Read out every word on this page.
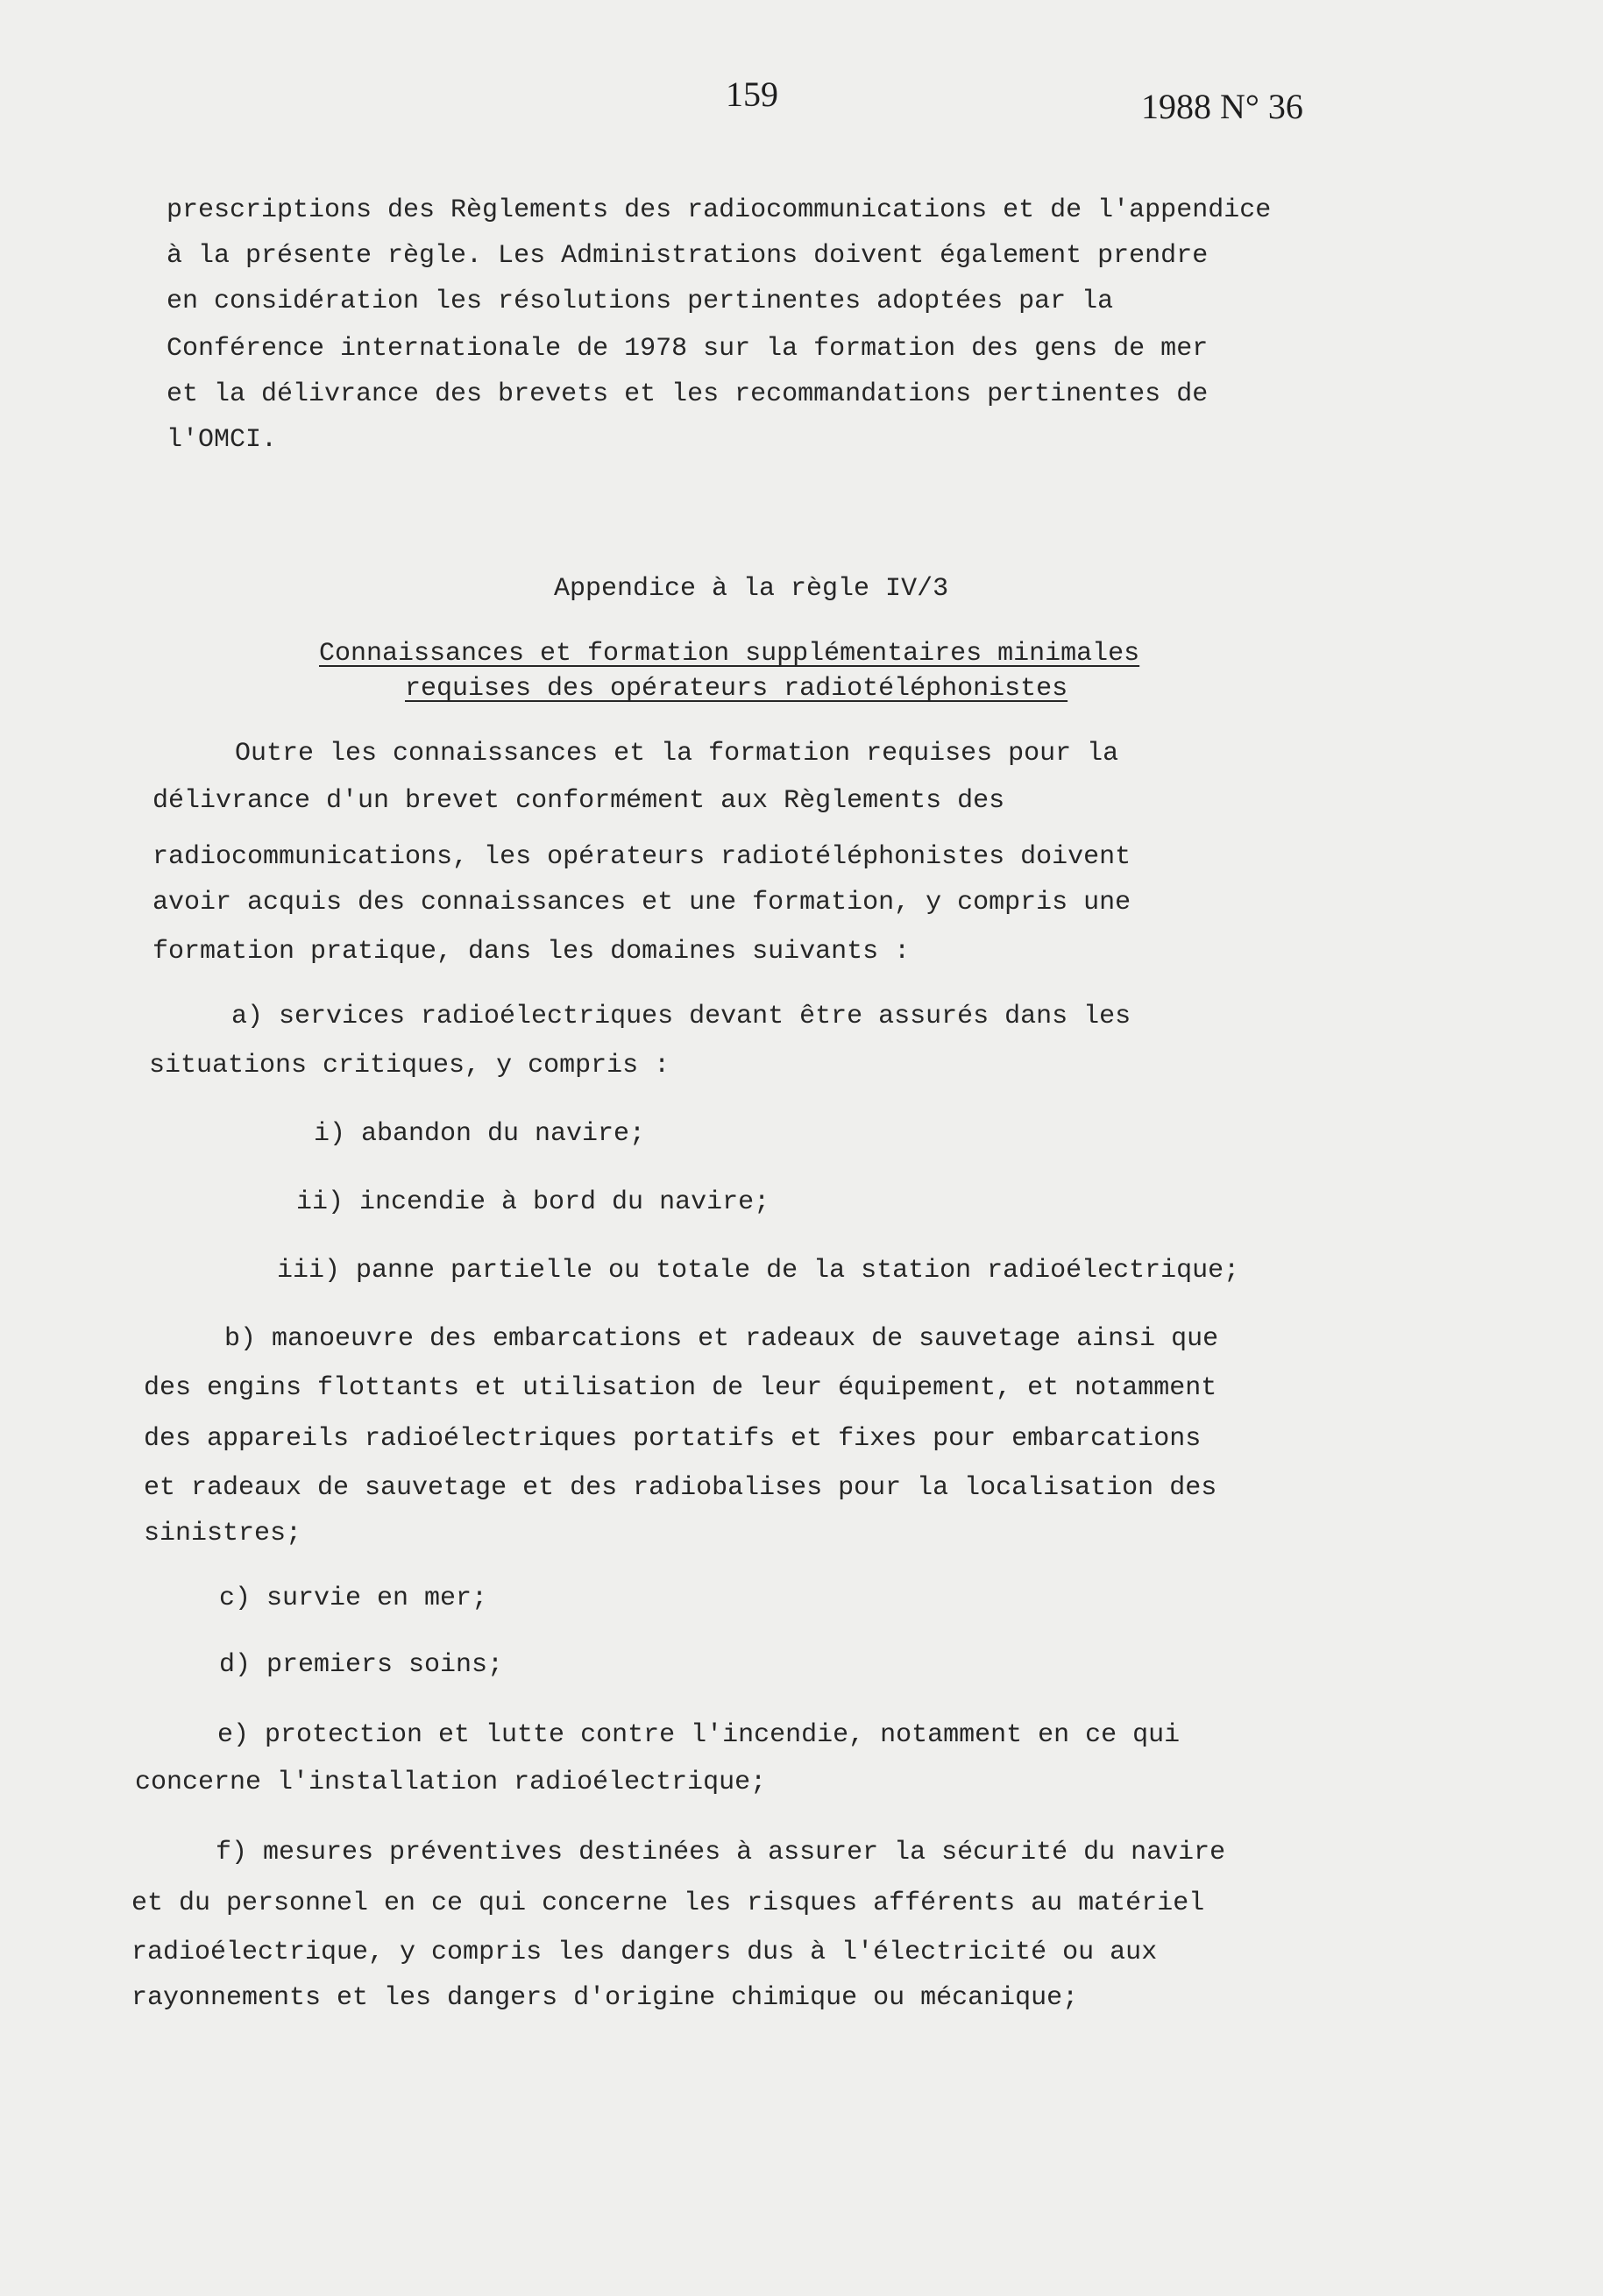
159	1988 N° 36
prescriptions des Règlements des radiocommunications et de l'appendice
à la présente règle. Les Administrations doivent également prendre
en considération les résolutions pertinentes adoptées par la
Conférence internationale de 1978 sur la formation des gens de mer
et la délivrance des brevets et les recommandations pertinentes de
l'OMCI.
Appendice à la règle IV/3
Connaissances et formation supplémentaires minimales
requises des opérateurs radiotéléphonistes
Outre les connaissances et la formation requises pour la
délivrance d'un brevet conformément aux Règlements des
radiocommunications, les opérateurs radiotéléphonistes doivent
avoir acquis des connaissances et une formation, y compris une
formation pratique, dans les domaines suivants :
a) services radioélectriques devant être assurés dans les
situations critiques, y compris :
i) abandon du navire;
ii) incendie à bord du navire;
iii) panne partielle ou totale de la station radioélectrique;
b) manoeuvre des embarcations et radeaux de sauvetage ainsi que
des engins flottants et utilisation de leur équipement, et notamment
des appareils radioélectriques portatifs et fixes pour embarcations
et radeaux de sauvetage et des radiobalises pour la localisation des
sinistres;
c) survie en mer;
d) premiers soins;
e) protection et lutte contre l'incendie, notamment en ce qui
concerne l'installation radioélectrique;
f) mesures préventives destinées à assurer la sécurité du navire
et du personnel en ce qui concerne les risques afférents au matériel
radioélectrique, y compris les dangers dus à l'électricité ou aux
rayonnements et les dangers d'origine chimique ou mécanique;
